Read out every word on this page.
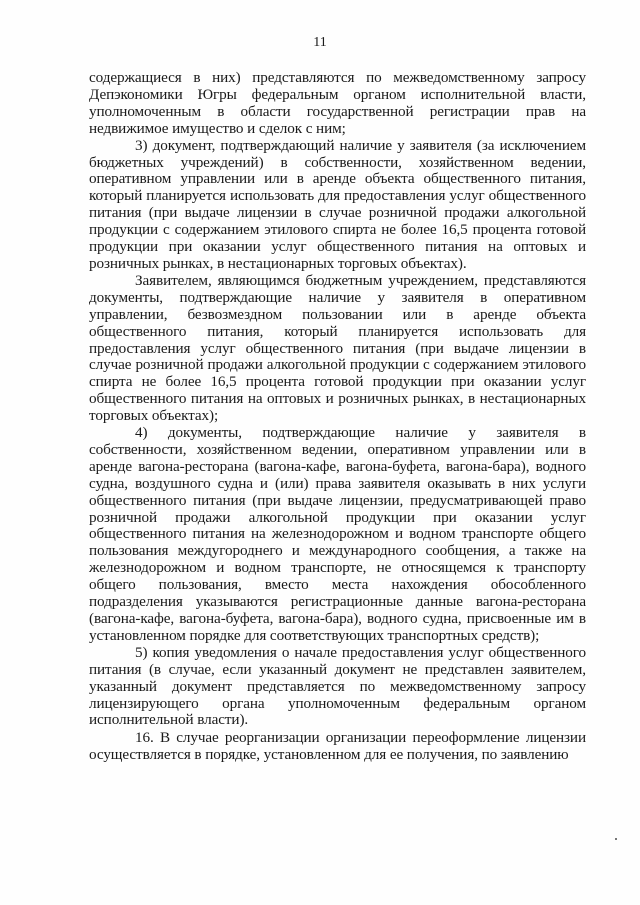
11

содержащиеся в них) представляются по межведомственному запросу Депэкономики Югры федеральным органом исполнительной власти, уполномоченным в области государственной регистрации прав на недвижимое имущество и сделок с ним;

3) документ, подтверждающий наличие у заявителя (за исключением бюджетных учреждений) в собственности, хозяйственном ведении, оперативном управлении или в аренде объекта общественного питания, который планируется использовать для предоставления услуг общественного питания (при выдаче лицензии в случае розничной продажи алкогольной продукции с содержанием этилового спирта не более 16,5 процента готовой продукции при оказании услуг общественного питания на оптовых и розничных рынках, в нестационарных торговых объектах).

Заявителем, являющимся бюджетным учреждением, представляются документы, подтверждающие наличие у заявителя в оперативном управлении, безвозмездном пользовании или в аренде объекта общественного питания, который планируется использовать для предоставления услуг общественного питания (при выдаче лицензии в случае розничной продажи алкогольной продукции с содержанием этилового спирта не более 16,5 процента готовой продукции при оказании услуг общественного питания на оптовых и розничных рынках, в нестационарных торговых объектах);

4) документы, подтверждающие наличие у заявителя в собственности, хозяйственном ведении, оперативном управлении или в аренде вагона-ресторана (вагона-кафе, вагона-буфета, вагона-бара), водного судна, воздушного судна и (или) права заявителя оказывать в них услуги общественного питания (при выдаче лицензии, предусматривающей право розничной продажи алкогольной продукции при оказании услуг общественного питания на железнодорожном и водном транспорте общего пользования междугороднего и международного сообщения, а также на железнодорожном и водном транспорте, не относящемся к транспорту общего пользования, вместо места нахождения обособленного подразделения указываются регистрационные данные вагона-ресторана (вагона-кафе, вагона-буфета, вагона-бара), водного судна, присвоенные им в установленном порядке для соответствующих транспортных средств);

5) копия уведомления о начале предоставления услуг общественного питания (в случае, если указанный документ не представлен заявителем, указанный документ представляется по межведомственному запросу лицензирующего органа уполномоченным федеральным органом исполнительной власти).

16. В случае реорганизации организации переоформление лицензии осуществляется в порядке, установленном для ее получения, по заявлению
